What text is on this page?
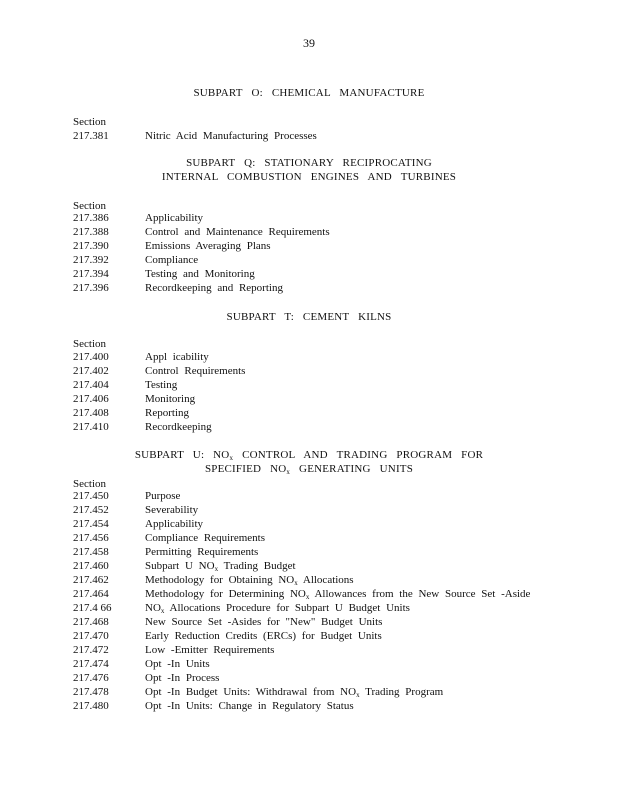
39
SUBPART O: CHEMICAL MANUFACTURE
Section
217.381	Nitric Acid Manufacturing Processes
SUBPART Q: STATIONARY RECIPROCATING
INTERNAL COMBUSTION ENGINES AND TURBINES
Section
217.386	Applicability
217.388	Control and Maintenance Requirements
217.390	Emissions Averaging Plans
217.392	Compliance
217.394	Testing and Monitoring
217.396	Recordkeeping and Reporting
SUBPART T: CEMENT KILNS
Section
217.400	Appl icability
217.402	Control Requirements
217.404	Testing
217.406	Monitoring
217.408	Reporting
217.410	Recordkeeping
SUBPART U: $NO_x$ CONTROL AND TRADING PROGRAM FOR
SPECIFIED $NO_x$ GENERATING UNITS
Section
217.450	Purpose
217.452	Severability
217.454	Applicability
217.456	Compliance Requirements
217.458	Permitting Requirements
217.460	Subpart U $NO_x$ Trading Budget
217.462	Methodology for Obtaining $NO_x$ Allocations
217.464	Methodology for Determining $NO_x$ Allowances from the New Source Set -Aside
217.4 66	$NO_x$ Allocations Procedure for Subpart U Budget Units
217.468	New Source Set -Asides for "New" Budget Units
217.470	Early Reduction Credits (ERCs) for Budget Units
217.472	Low -Emitter Requirements
217.474	Opt -In Units
217.476	Opt -In Process
217.478	Opt -In Budget Units: Withdrawal from $NO_x$ Trading Program
217.480	Opt -In Units: Change in Regulatory Status
